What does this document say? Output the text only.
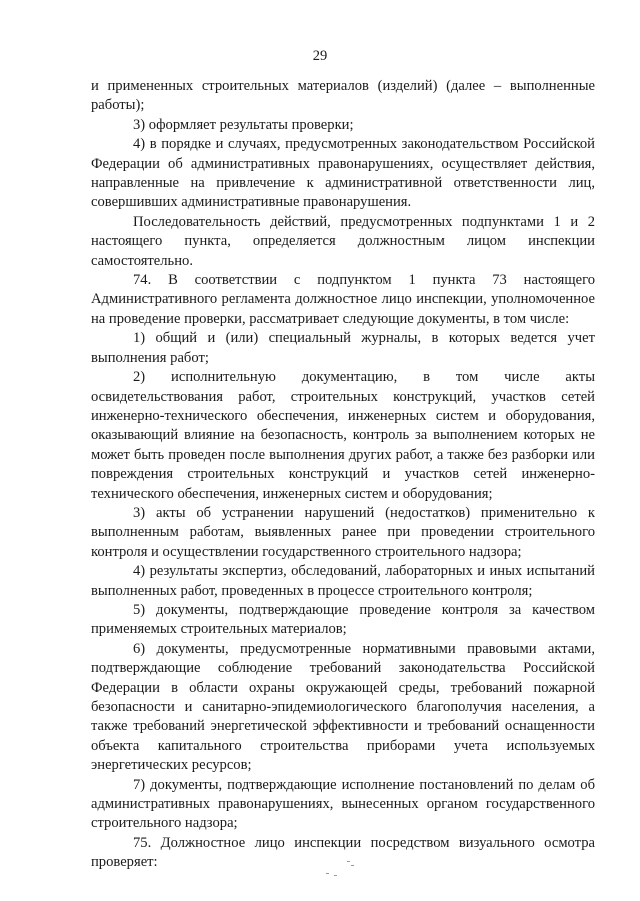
29

и примененных строительных материалов (изделий) (далее – выполненные работы);

3) оформляет результаты проверки;

4) в порядке и случаях, предусмотренных законодательством Российской Федерации об административных правонарушениях, осуществляет действия, направленные на привлечение к административной ответственности лиц, совершивших административные правонарушения.

Последовательность действий, предусмотренных подпунктами 1 и 2 настоящего пункта, определяется должностным лицом инспекции самостоятельно.

74. В соответствии с подпунктом 1 пункта 73 настоящего Административного регламента должностное лицо инспекции, уполномоченное на проведение проверки, рассматривает следующие документы, в том числе:

1) общий и (или) специальный журналы, в которых ведется учет выполнения работ;

2) исполнительную документацию, в том числе акты освидетельствования работ, строительных конструкций, участков сетей инженерно-технического обеспечения, инженерных систем и оборудования, оказывающий влияние на безопасность, контроль за выполнением которых не может быть проведен после выполнения других работ, а также без разборки или повреждения строительных конструкций и участков сетей инженерно-технического обеспечения, инженерных систем и оборудования;

3) акты об устранении нарушений (недостатков) применительно к выполненным работам, выявленных ранее при проведении строительного контроля и осуществлении государственного строительного надзора;

4) результаты экспертиз, обследований, лабораторных и иных испытаний выполненных работ, проведенных в процессе строительного контроля;

5) документы, подтверждающие проведение контроля за качеством применяемых строительных материалов;

6) документы, предусмотренные нормативными правовыми актами, подтверждающие соблюдение требований законодательства Российской Федерации в области охраны окружающей среды, требований пожарной безопасности и санитарно-эпидемиологического благополучия населения, а также требований энергетической эффективности и требований оснащенности объекта капитального строительства приборами учета используемых энергетических ресурсов;

7) документы, подтверждающие исполнение постановлений по делам об административных правонарушениях, вынесенных органом государственного строительного надзора;

75. Должностное лицо инспекции посредством визуального осмотра проверяет:
